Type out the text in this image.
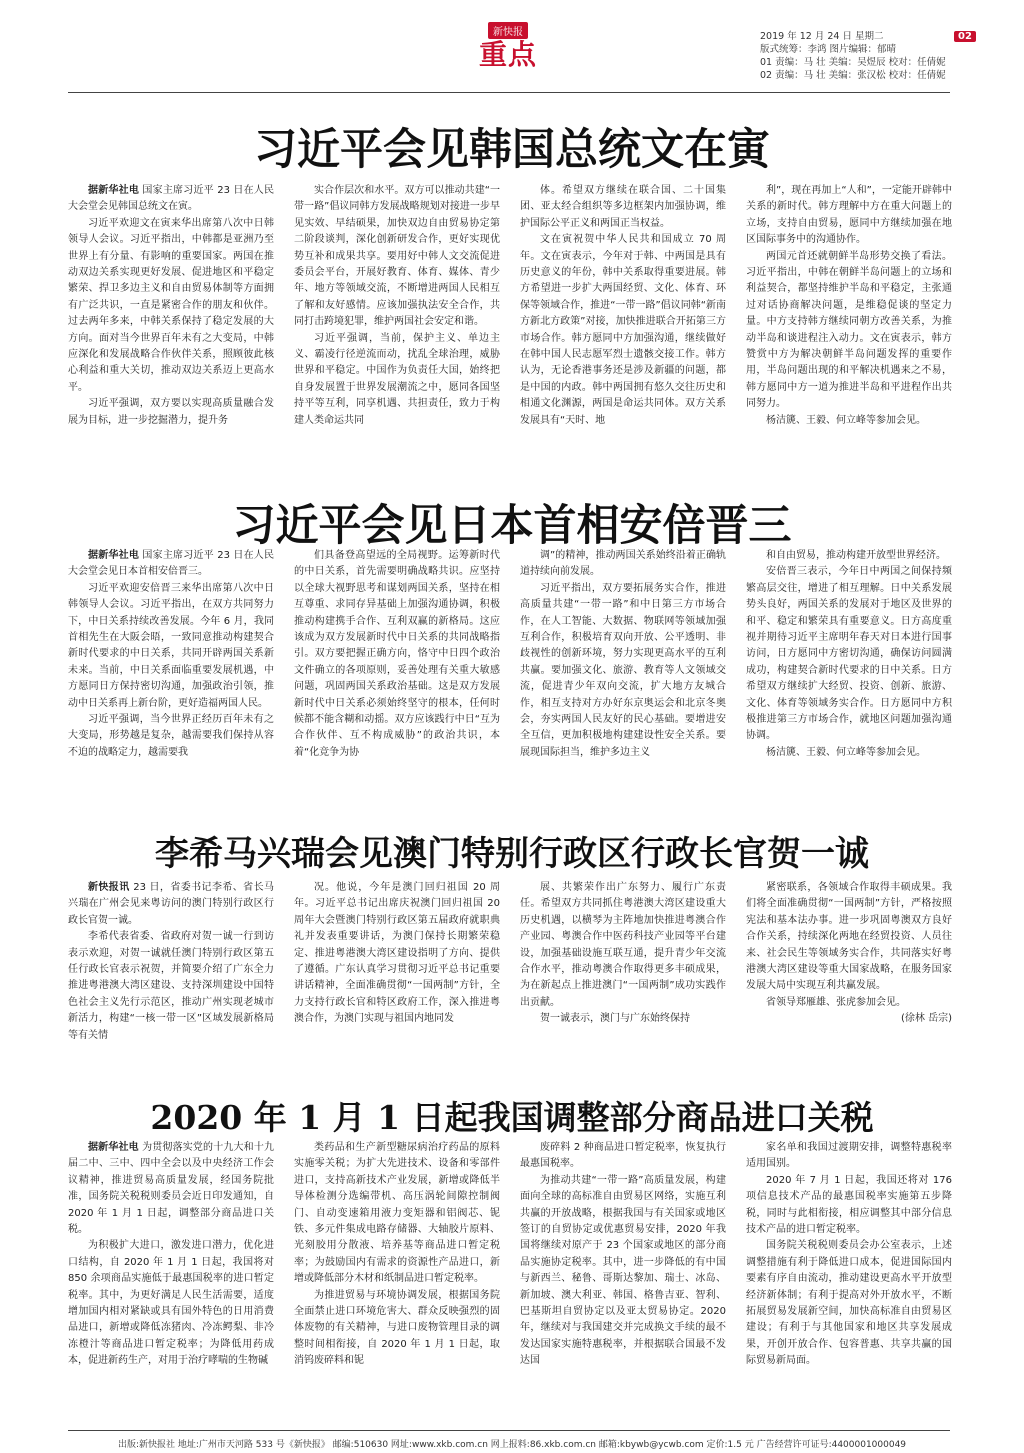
新快报
重点
2019 年 12 月 24 日 星期二
版式统筹：李鸿 图片编辑：郁晴
01 责编：马 壮 美编：吴煜辰 校对：任倩妮
02 责编：马 壮 美编：张汉松 校对：任倩妮
02
习近平会见韩国总统文在寅

据新华社电 国家主席习近平 23 日在人民大会堂会见韩国总统文在寅。

习近平欢迎文在寅来华出席第八次中日韩领导人会议。习近平指出，中韩都是亚洲乃至世界上有分量、有影响的重要国家。两国在推动双边关系实现更好发展、促进地区和平稳定繁荣、捍卫多边主义和自由贸易体制等方面拥有广泛共识，一直是紧密合作的朋友和伙伴。过去两年多来，中韩关系保持了稳定发展的大方向。面对当今世界百年未有之大变局，中韩应深化和发展战略合作伙伴关系，照顾彼此核心利益和重大关切，推动双边关系迈上更高水平。

习近平强调，双方要以实现高质量融合发展为目标，进一步挖掘潜力，提升务

实合作层次和水平。双方可以推动共建“一带一路”倡议同韩方发展战略规划对接进一步早见实效、早结硕果，加快双边自由贸易协定第二阶段谈判，深化创新研发合作，更好实现优势互补和成果共享。要用好中韩人文交流促进委员会平台，开展好教育、体育、媒体、青少年、地方等领域交流，不断增进两国人民相互了解和友好感情。应该加强执法安全合作，共同打击跨境犯罪，维护两国社会安定和谐。

习近平强调，当前，保护主义、单边主义、霸凌行径逆流而动，扰乱全球治理，威胁世界和平稳定。中国作为负责任大国，始终把自身发展置于世界发展潮流之中，愿同各国坚持平等互利，同享机遇、共担责任，致力于构建人类命运共同

体。希望双方继续在联合国、二十国集团、亚太经合组织等多边框架内加强协调，维护国际公平正义和两国正当权益。

文在寅祝贺中华人民共和国成立 70 周年。文在寅表示，今年对于韩、中两国是具有历史意义的年份，韩中关系取得重要进展。韩方希望进一步扩大两国经贸、文化、体育、环保等领域合作，推进“一带一路”倡议同韩“新南方新北方政策”对接，加快推进联合开拓第三方市场合作。韩方愿同中方加强沟通，继续做好在韩中国人民志愿军烈士遗骸交接工作。韩方认为，无论香港事务还是涉及新疆的问题，都是中国的内政。韩中两国拥有悠久交往历史和相通文化渊源，两国是命运共同体。双方关系发展具有“天时、地

利”，现在再加上“人和”，一定能开辟韩中关系的新时代。韩方理解中方在重大问题上的立场，支持自由贸易，愿同中方继续加强在地区国际事务中的沟通协作。

两国元首还就朝鲜半岛形势交换了看法。习近平指出，中韩在朝鲜半岛问题上的立场和利益契合，都坚持维护半岛和平稳定，主张通过对话协商解决问题，是维稳促谈的坚定力量。中方支持韩方继续同朝方改善关系，为推动半岛和谈进程注入动力。文在寅表示，韩方赞赏中方为解决朝鲜半岛问题发挥的重要作用，半岛问题出现的和平解决机遇来之不易，韩方愿同中方一道为推进半岛和平进程作出共同努力。

杨洁篪、王毅、何立峰等参加会见。

习近平会见日本首相安倍晋三

据新华社电 国家主席习近平 23 日在人民大会堂会见日本首相安倍晋三。

习近平欢迎安倍晋三来华出席第八次中日韩领导人会议。习近平指出，在双方共同努力下，中日关系持续改善发展。今年 6 月，我同首相先生在大阪会晤，一致同意推动构建契合新时代要求的中日关系，共同开辟两国关系新未来。当前，中日关系面临重要发展机遇，中方愿同日方保持密切沟通，加强政治引领，推动中日关系再上新台阶，更好造福两国人民。

习近平强调，当今世界正经历百年未有之大变局，形势越是复杂，越需要我们保持从容不迫的战略定力，越需要我

们具备登高望远的全局视野。运筹新时代的中日关系，首先需要明确战略共识。应坚持以全球大视野思考和谋划两国关系，坚持在相互尊重、求同存异基础上加强沟通协调，积极推动构建携手合作、互利双赢的新格局。这应该成为双方发展新时代中日关系的共同战略指引。双方要把握正确方向，恪守中日四个政治文件确立的各项原则，妥善处理有关重大敏感问题，巩固两国关系政治基础。这是双方发展新时代中日关系必须始终坚守的根本，任何时候都不能含糊和动摇。双方应该践行中日“互为合作伙伴、互不构成威胁”的政治共识，本着“化竞争为协

调”的精神，推动两国关系始终沿着正确轨道持续向前发展。

习近平指出，双方要拓展务实合作，推进高质量共建“一带一路”和中日第三方市场合作，在人工智能、大数据、物联网等领域加强互利合作，积极培育双向开放、公平透明、非歧视性的创新环境，努力实现更高水平的互利共赢。要加强文化、旅游、教育等人文领域交流，促进青少年双向交流，扩大地方友城合作，相互支持对方办好东京奥运会和北京冬奥会，夯实两国人民友好的民心基础。要增进安全互信，更加积极地构建建设性安全关系。要展现国际担当，维护多边主义

和自由贸易，推动构建开放型世界经济。

安倍晋三表示，今年日中两国之间保持频繁高层交往，增进了相互理解。日中关系发展势头良好，两国关系的发展对于地区及世界的和平、稳定和繁荣具有重要意义。日方高度重视并期待习近平主席明年春天对日本进行国事访问，日方愿同中方密切沟通，确保访问圆满成功，构建契合新时代要求的日中关系。日方希望双方继续扩大经贸、投资、创新、旅游、文化、体育等领域务实合作。日方愿同中方积极推进第三方市场合作，就地区问题加强沟通协调。

杨洁篪、王毅、何立峰等参加会见。

李希马兴瑞会见澳门特别行政区行政长官贺一诚

新快报讯 23 日，省委书记李希、省长马兴瑞在广州会见来粤访问的澳门特别行政区行政长官贺一诚。

李希代表省委、省政府对贺一诚一行到访表示欢迎，对贺一诚就任澳门特别行政区第五任行政长官表示祝贺，并简要介绍了广东全力推进粤港澳大湾区建设、支持深圳建设中国特色社会主义先行示范区，推动广州实现老城市新活力，构建“一核一带一区”区域发展新格局等有关情

况。他说，今年是澳门回归祖国 20 周年。习近平总书记出席庆祝澳门回归祖国 20 周年大会暨澳门特别行政区第五届政府就职典礼并发表重要讲话，为澳门保持长期繁荣稳定、推进粤港澳大湾区建设指明了方向、提供了遵循。广东认真学习贯彻习近平总书记重要讲话精神，全面准确贯彻“一国两制”方针，全力支持行政长官和特区政府工作，深入推进粤澳合作，为澳门实现与祖国内地同发

展、共繁荣作出广东努力、履行广东责任。希望双方共同抓住粤港澳大湾区建设重大历史机遇，以横琴为主阵地加快推进粤澳合作产业园、粤澳合作中医药科技产业园等平台建设，加强基础设施互联互通，提升青少年交流合作水平，推动粤澳合作取得更多丰硕成果，为在新起点上推进澳门“一国两制”成功实践作出贡献。

贺一诚表示，澳门与广东始终保持

紧密联系，各领域合作取得丰硕成果。我们将全面准确贯彻“一国两制”方针，严格按照宪法和基本法办事。进一步巩固粤澳双方良好合作关系，持续深化两地在经贸投资、人员往来、社会民生等领域务实合作，共同落实好粤港澳大湾区建设等重大国家战略，在服务国家发展大局中实现互利共赢发展。

省领导郑雁雄、张虎参加会见。

(徐林 岳宗)

2020 年 1 月 1 日起我国调整部分商品进口关税

据新华社电 为贯彻落实党的十九大和十九届二中、三中、四中全会以及中央经济工作会议精神，推进贸易高质量发展，经国务院批准，国务院关税税则委员会近日印发通知，自 2020 年 1 月 1 日起，调整部分商品进口关税。

为积极扩大进口，激发进口潜力，优化进口结构，自 2020 年 1 月 1 日起，我国将对 850 余项商品实施低于最惠国税率的进口暂定税率。其中，为更好满足人民生活需要，适度增加国内相对紧缺或具有国外特色的日用消费品进口，新增或降低冻猪肉、冷冻鳄梨、非冷冻橙汁等商品进口暂定税率；为降低用药成本，促进新药生产，对用于治疗哮喘的生物碱

类药品和生产新型糖尿病治疗药品的原料实施零关税；为扩大先进技术、设备和零部件进口，支持高新技术产业发展，新增或降低半导体检测分选编带机、高压涡轮间隙控制阀门、自动变速箱用液力变矩器和铝阀芯、铌铁、多元件集成电路存储器、大轴胶片原料、光刻胶用分散液、培养基等商品进口暂定税率；为鼓励国内有需求的资源性产品进口，新增或降低部分木材和纸制品进口暂定税率。

为推进贸易与环境协调发展，根据国务院全面禁止进口环境危害大、群众反映强烈的固体废物的有关精神，与进口废物管理目录的调整时间相衔接，自 2020 年 1 月 1 日起，取消钨废碎料和铌

废碎料 2 种商品进口暂定税率，恢复执行最惠国税率。

为推动共建“一带一路”高质量发展，构建面向全球的高标准自由贸易区网络，实施互利共赢的开放战略，根据我国与有关国家或地区签订的自贸协定或优惠贸易安排，2020 年我国将继续对原产于 23 个国家或地区的部分商品实施协定税率。其中，进一步降低的有中国与新西兰、秘鲁、哥斯达黎加、瑞士、冰岛、新加坡、澳大利亚、韩国、格鲁吉亚、智利、巴基斯坦自贸协定以及亚太贸易协定。2020 年，继续对与我国建交并完成换文手续的最不发达国家实施特惠税率，并根据联合国最不发达国

家名单和我国过渡期安排，调整特惠税率适用国别。

2020 年 7 月 1 日起，我国还将对 176 项信息技术产品的最惠国税率实施第五步降税，同时与此相衔接，相应调整其中部分信息技术产品的进口暂定税率。

国务院关税税则委员会办公室表示，上述调整措施有利于降低进口成本，促进国际国内要素有序自由流动，推动建设更高水平开放型经济新体制；有利于提高对外开放水平，不断拓展贸易发展新空间，加快高标准自由贸易区建设；有利于与其他国家和地区共享发展成果，开创开放合作、包容普惠、共享共赢的国际贸易新局面。

出版:新快报社 地址:广州市天河路 533 号《新快报》 邮编:510630 网址:www.xkb.com.cn 网上报料:86.xkb.com.cn 邮箱:kbywb@ycwb.com 定价:1.5 元 广告经营许可证号:4400001000049
